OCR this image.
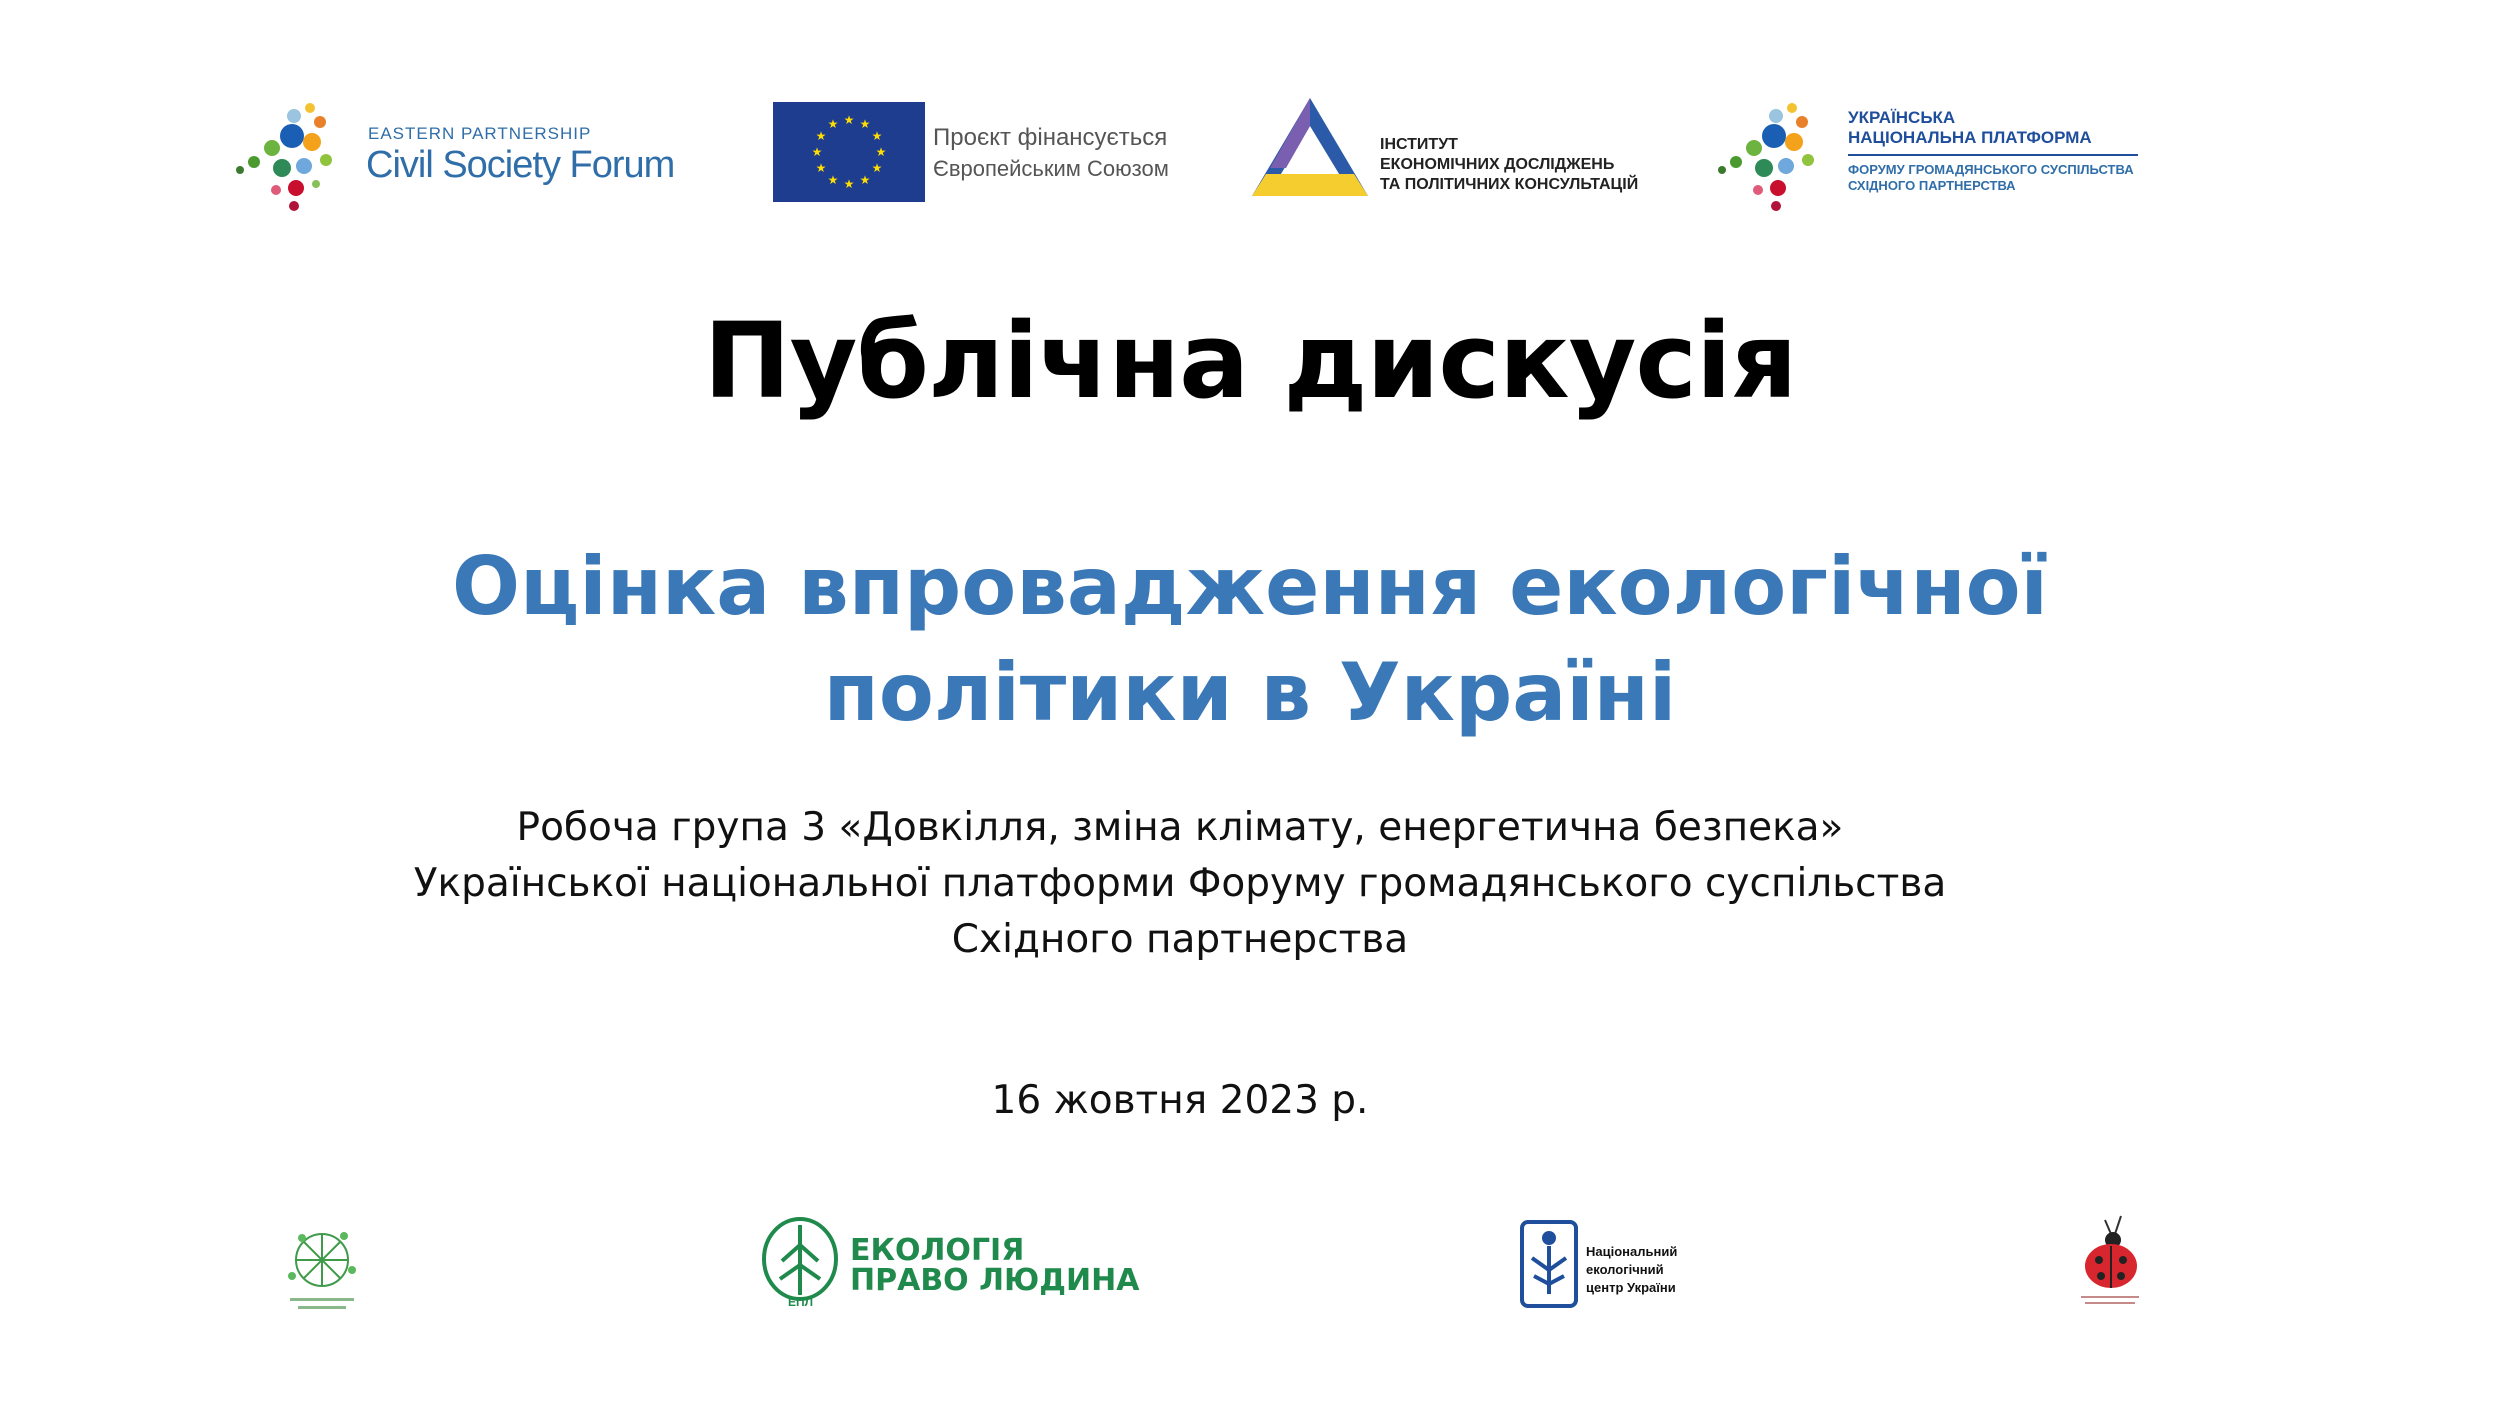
EASTERN PARTNERSHIP
Civil Society Forum
★ ★
★
★
★
★
★
★
★
★
★
★	Проєкт фінансується
Європейським Союзом
ІНСТИТУТ
ЕКОНОМІЧНИХ ДОСЛІДЖЕНЬ
ТА ПОЛІТИЧНИХ КОНСУЛЬТАЦІЙ
УКРАЇНСЬКА
НАЦІОНАЛЬНА ПЛАТФОРМА
ФОРУМУ ГРОМАДЯНСЬКОГО СУСПІЛЬСТВА
СХІДНОГО ПАРТНЕРСТВА
Публічна дискусія
Оцінка впровадження екологічної
політики в Україні
Робоча група 3 «Довкілля, зміна клімату, енергетична безпека»
Української національної платформи Форуму громадянського суспільства
Східного партнерства
16 жовтня 2023 р.
ЕПЛ
ЕКОЛОГІЯ
ПРАВО ЛЮДИНА
Національний
екологічний
центр України
